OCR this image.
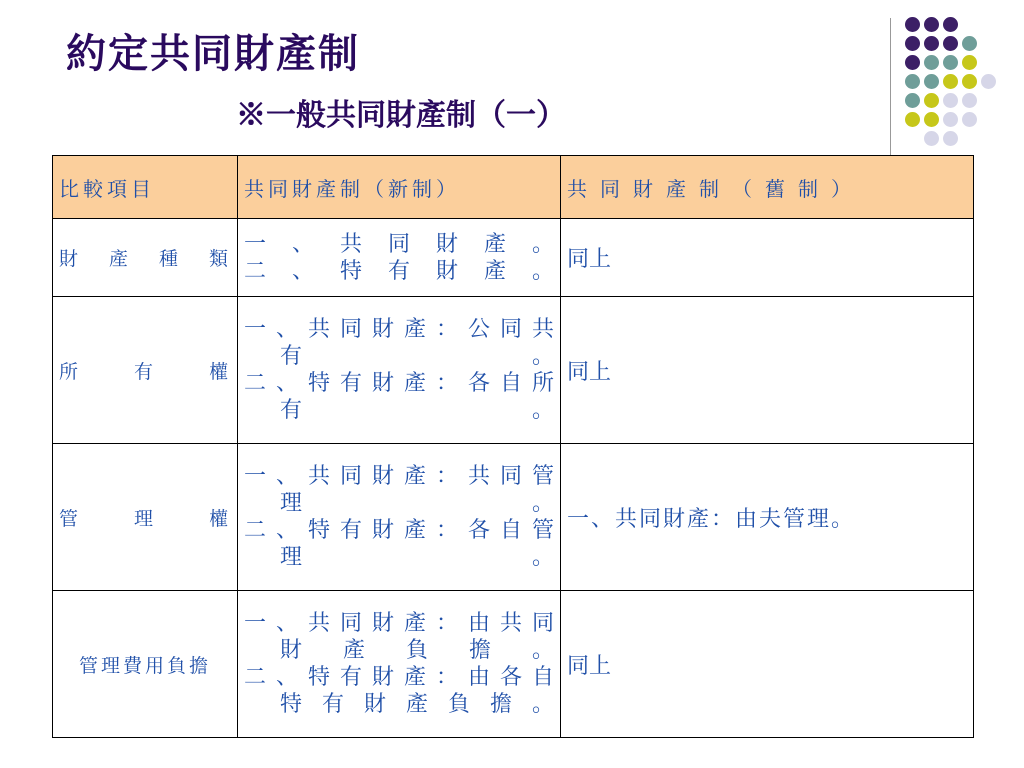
約定共同財產制
※一般共同財產制（一）
比較項目	共同財產制（新制）	共同財產制（舊制）
財產種類	一、共同財產。
二、特有財產。	同上
所有權	一、共同財產：公同共
有。
二、特有財產：各自所
有。	同上
管理權	一、共同財產：共同管
理。
二、特有財產：各自管
理。	一、共同財產：由夫管理。
管理費用負擔	一、共同財產：由共同
財產負擔。
二、特有財產：由各自
特有財產負擔。	同上
